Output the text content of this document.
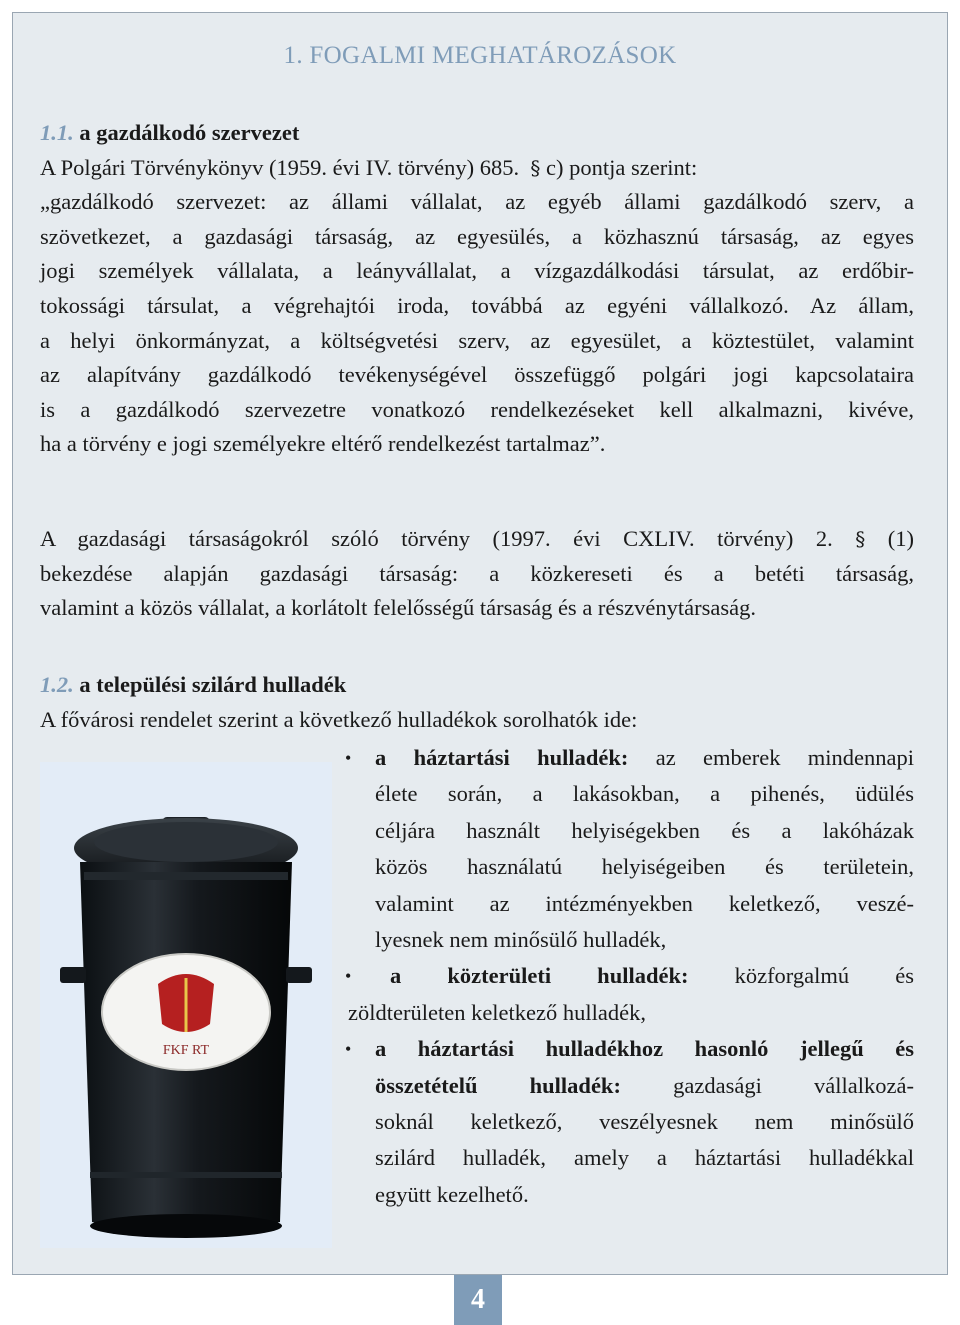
1. FOGALMI MEGHATÁROZÁSOK
1.1. a gazdálkodó szervezet
A Polgári Törvénykönyv (1959. évi IV. törvény) 685. § c) pontja szerint:
„gazdálkodó szervezet: az állami vállalat, az egyéb állami gazdálkodó szerv, a
szövetkezet, a gazdasági társaság, az egyesülés, a közhasznú társaság, az egyes
jogi személyek vállalata, a leányvállalat, a vízgazdálkodási társulat, az erdőbir-
tokossági társulat, a végrehajtói iroda, továbbá az egyéni vállalkozó. Az állam,
a helyi önkormányzat, a költségvetési szerv, az egyesület, a köztestület, valamint
az alapítvány gazdálkodó tevékenységével összefüggő polgári jogi kapcsolataira
is a gazdálkodó szervezetre vonatkozó rendelkezéseket kell alkalmazni, kivéve,
ha a törvény e jogi személyekre eltérő rendelkezést tartalmaz”.
A gazdasági társaságokról szóló törvény (1997. évi CXLIV. törvény) 2. § (1)
bekezdése alapján gazdasági társaság: a közkereseti és a betéti társaság,
valamint a közös vállalat, a korlátolt felelősségű társaság és a részvénytársaság.
1.2. a települési szilárd hulladék
A fővárosi rendelet szerint a következő hulladékok sorolhatók ide:
• a háztartási hulladék: az emberek mindennapi
élete során, a lakásokban, a pihenés, üdülés
céljára használt helyiségekben és a lakóházak
közös használatú helyiségeiben és területein,
valamint az intézményekben keletkező, veszé-
lyesnek nem minősülő hulladék,
•	a közterületi hulladék: közforgalmú és
zöldterületen keletkező hulladék,
• a háztartási hulladékhoz hasonló jellegű és
összetételű hulladék: gazdasági vállalkozá-
soknál keletkező, veszélyesnek nem minősülő
szilárd hulladék, amely a háztartási hulladékkal
együtt kezelhető.
FKF RT
4
